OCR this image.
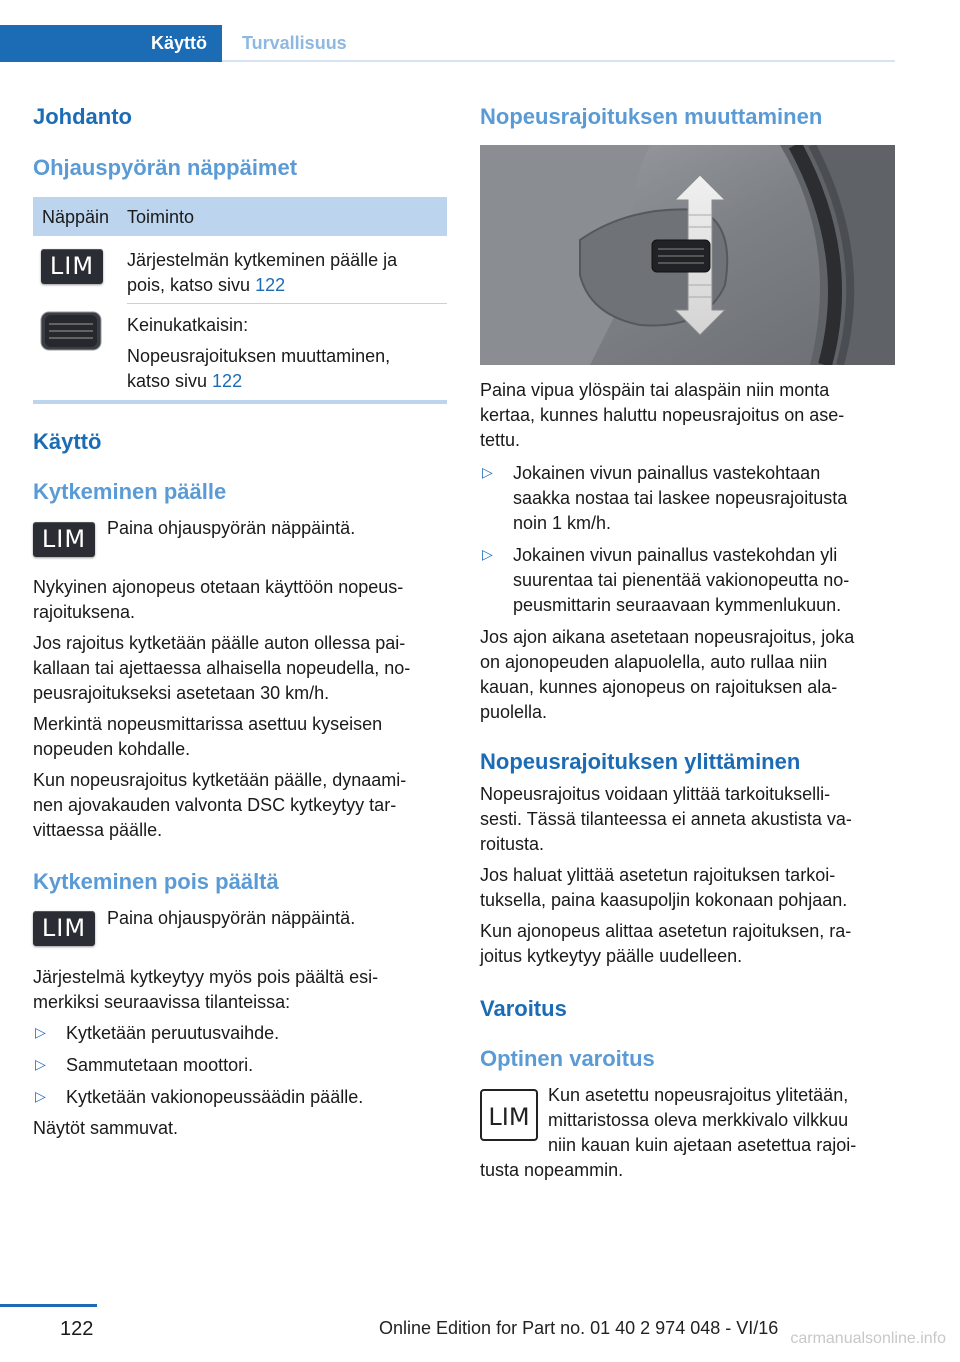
Käyttö Turvallisuus
Johdanto
Ohjauspyörän näppäimet
Näppäin Toiminto
LIM	Järjestelmän kytkeminen päälle ja

pois, katso sivu 122

Keinukatkaisin:

Nopeusrajoituksen muuttaminen,

katso sivu 122

Käyttö
Kytkeminen päälle
LIM	Paina ohjauspyörän näppäintä.

Nykyinen ajonopeus otetaan käyttöön nopeus‐

rajoituksena.

Jos rajoitus kytketään päälle auton ollessa pai‐

kallaan tai ajettaessa alhaisella nopeudella, no‐

peusrajoitukseksi asetetaan 30 km/h.

Merkintä nopeusmittarissa asettuu kyseisen

nopeuden kohdalle.

Kun nopeusrajoitus kytketään päälle, dynaami‐

nen ajovakauden valvonta DSC kytkeytyy tar‐

vittaessa päälle.

Kytkeminen pois päältä
LIM	Paina ohjauspyörän näppäintä.

Järjestelmä kytkeytyy myös pois päältä esi‐

merkiksi seuraavissa tilanteissa:

▷ Kytketään peruutusvaihde.

▷ Sammutetaan moottori.

▷ Kytketään vakionopeussäädin päälle.

Näytöt sammuvat.

Nopeusrajoituksen muuttaminen

Paina vipua ylöspäin tai alaspäin niin monta

kertaa, kunnes haluttu nopeusrajoitus on ase‐

tettu.

▷ Jokainen vivun painallus vastekohtaan

saakka nostaa tai laskee nopeusrajoitusta

noin 1 km/h.

▷ Jokainen vivun painallus vastekohdan yli

suurentaa tai pienentää vakionopeutta no‐

peusmittarin seuraavaan kymmenlukuun.

Jos ajon aikana asetetaan nopeusrajoitus, joka

on ajonopeuden alapuolella, auto rullaa niin

kauan, kunnes ajonopeus on rajoituksen ala‐

puolella.

Nopeusrajoituksen ylittäminen

Nopeusrajoitus voidaan ylittää tarkoitukselli‐

sesti. Tässä tilanteessa ei anneta akustista va‐

roitusta.

Jos haluat ylittää asetetun rajoituksen tarkoi‐

tuksella, paina kaasupoljin kokonaan pohjaan.

Kun ajonopeus alittaa asetetun rajoituksen, ra‐

joitus kytkeytyy päälle uudelleen.

Varoitus
Optinen varoitus
LIM

Kun asetettu nopeusrajoitus ylitetään,

mittaristossa oleva merkkivalo vilkkuu

niin kauan kuin ajetaan asetettua rajoi‐

tusta nopeammin.

122	Online Edition for Part no. 01 40 2 974 048 - VI/16
carmanualsonline.info
